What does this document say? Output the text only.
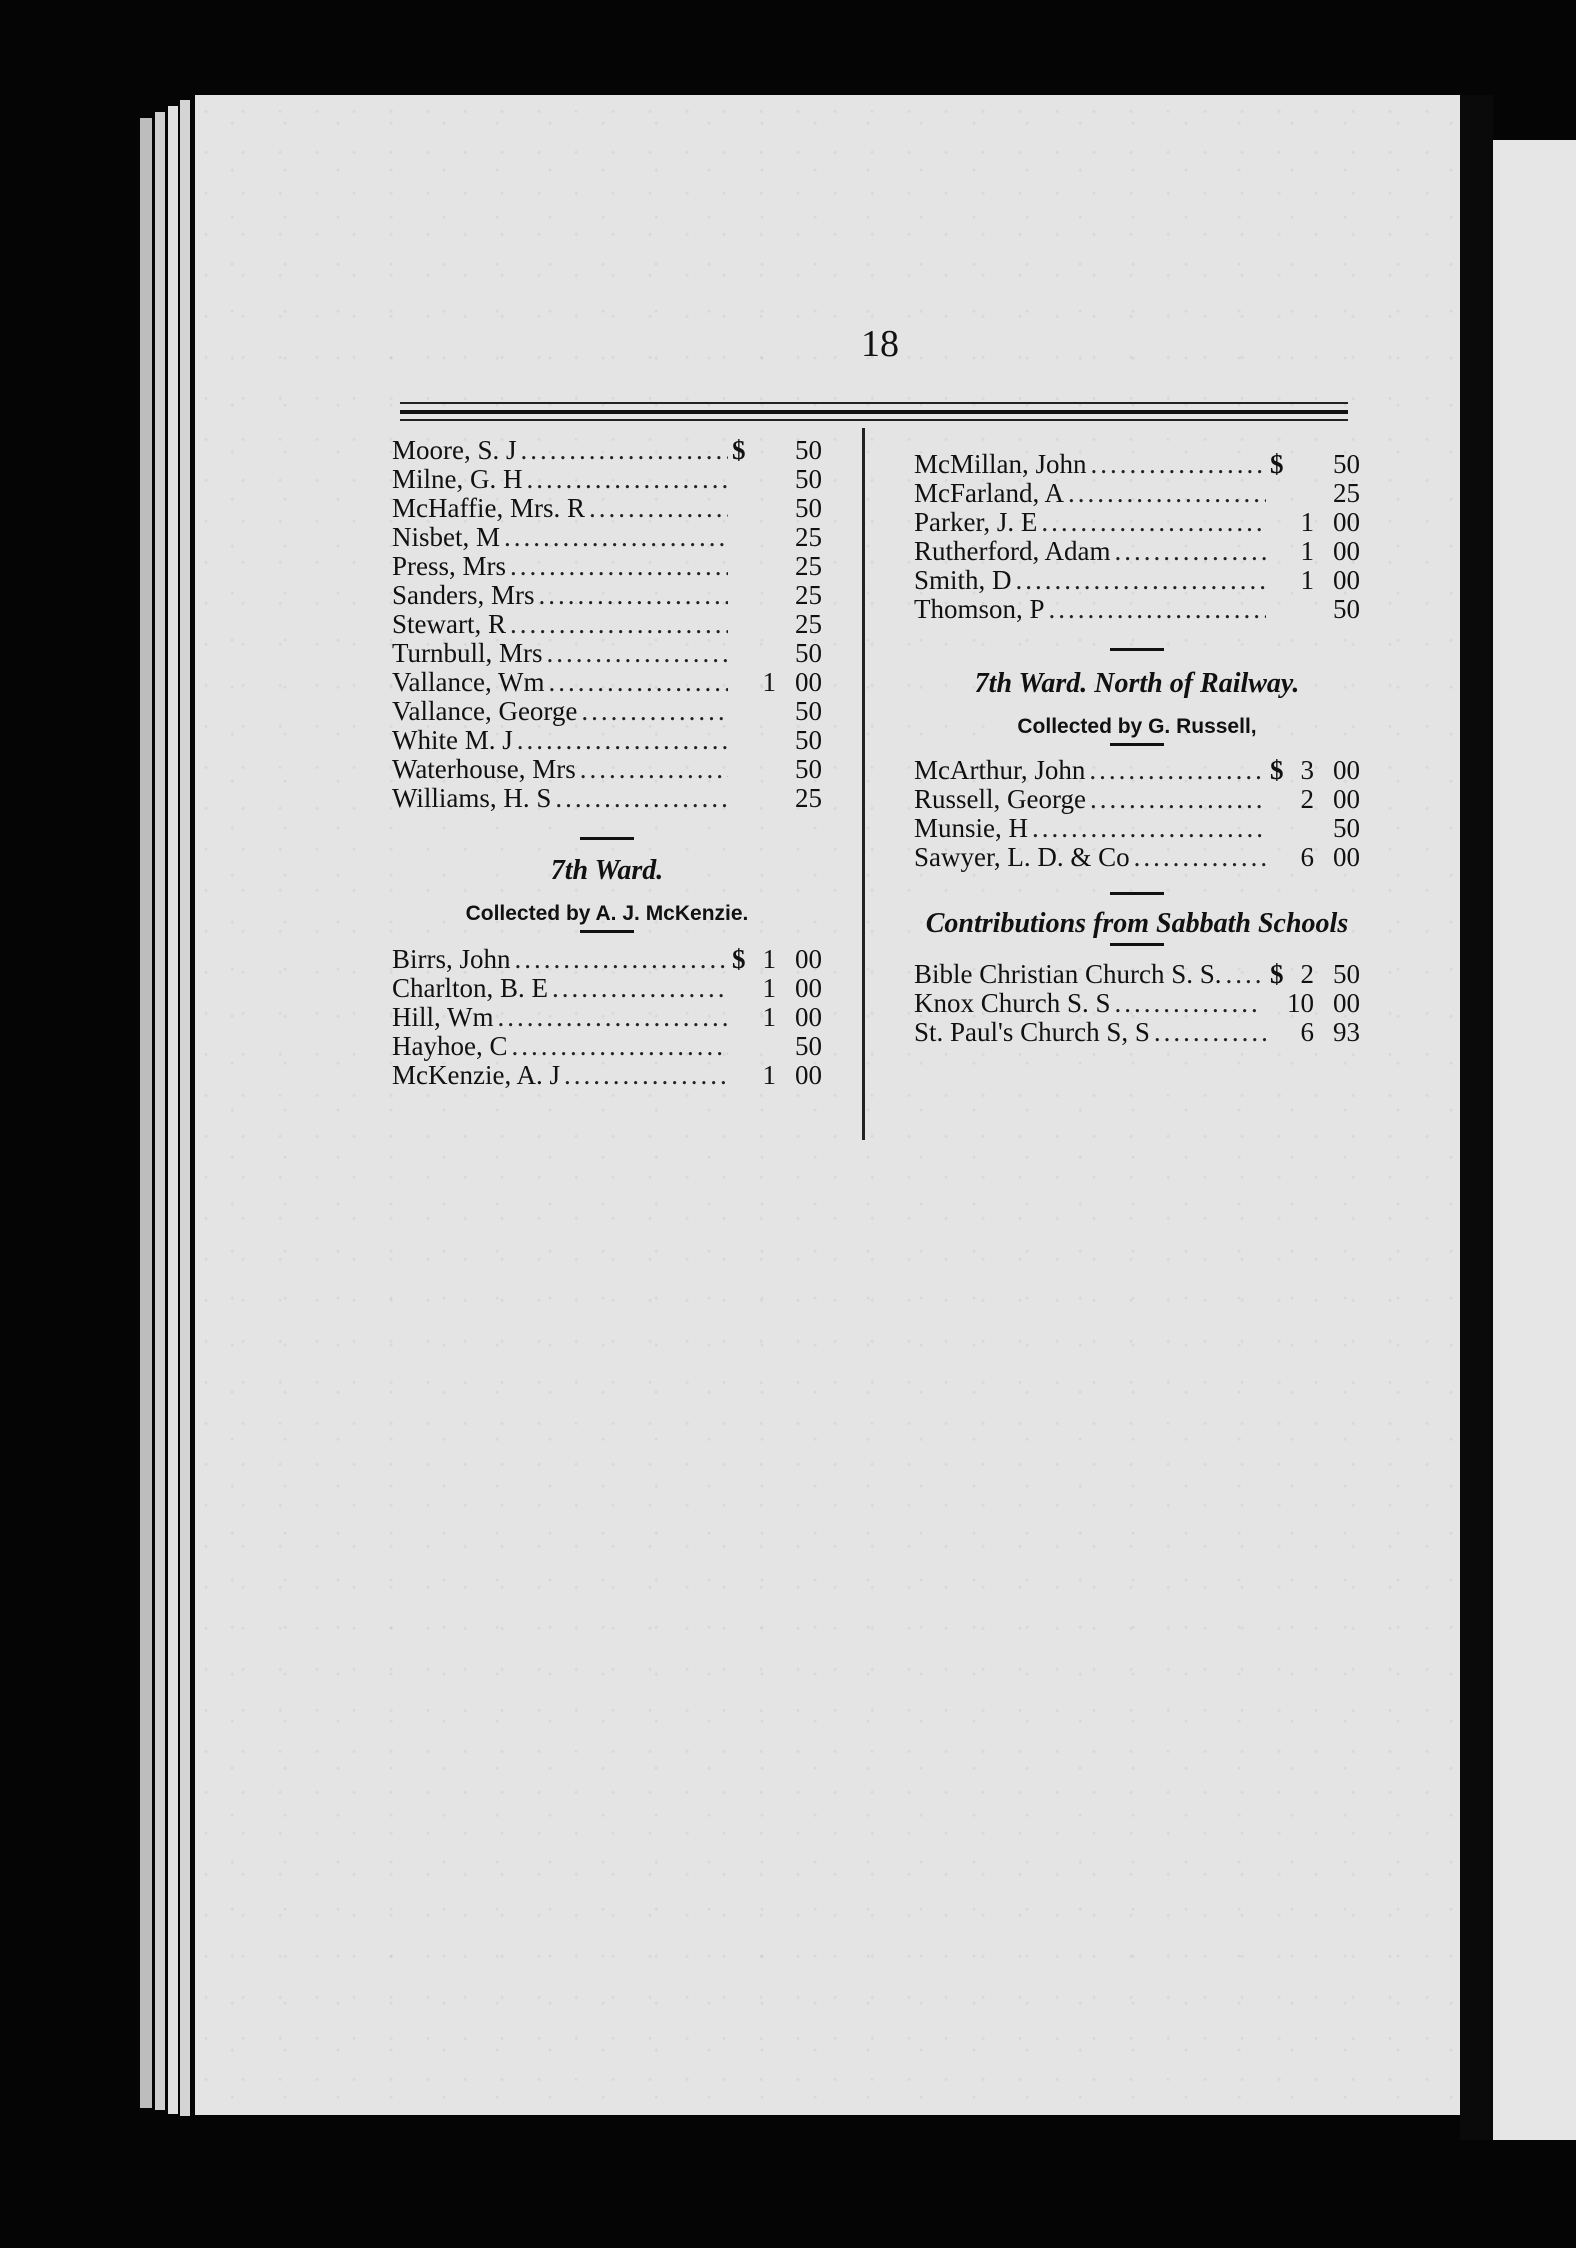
18
Moore, S. J .....	$	50
Milne, G. H .....	50
McHaffie, Mrs. R .....	50
Nisbet, M .....	25
Press, Mrs .....	25
Sanders, Mrs .....	25
Stewart, R .....	25
Turnbull, Mrs .....	50
Vallance, Wm .....	1 00
Vallance, George .....	50
White M. J .....	50
Waterhouse, Mrs .....	50
Williams, H. S .....	25
7th Ward.
Collected by A. J. McKenzie.
Birrs, John .....	$ 1 00
Charlton, B. E .....	1 00
Hill, Wm .....	1 00
Hayhoe, C .....	50
McKenzie, A. J .....	1 00
McMillan, John .....	$	50
McFarland, A .....	25
Parker, J. E .....	1 00
Rutherford, Adam .....	1 00
Smith, D .....	1 00
Thomson, P .....	50
7th Ward. North of Railway.
Collected by G. Russell,
McArthur, John .....	$ 3 00
Russell, George .....	2 00
Munsie, H .....	50
Sawyer, L. D. & Co .....	6 00
Contributions from Sabbath Schools
Bible Christian Church S. S. ..... $ 2 50
Knox Church S. S .....	10 00
St. Paul's Church S, S .....	6 93
